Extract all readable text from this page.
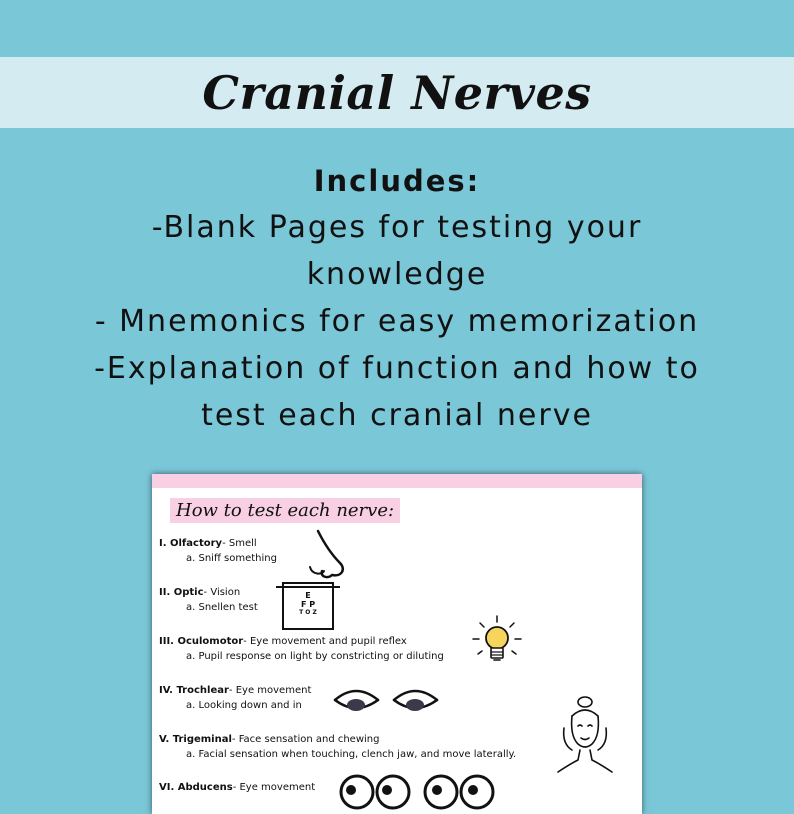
Cranial Nerves
Includes:
-Blank Pages for testing your
knowledge
- Mnemonics for easy memorization
-Explanation of function and how to
test each cranial nerve
How to test each nerve:
I. Olfactory- Smell
a. Sniff something
II. Optic- Vision
a. Snellen test
E
F P
T O Z
III. Oculomotor- Eye movement and pupil reflex
a. Pupil response on light by constricting or diluting
IV. Trochlear- Eye movement
a. Looking down and in
V. Trigeminal- Face sensation and chewing
a. Facial sensation when touching, clench jaw, and move laterally.
VI. Abducens- Eye movement
